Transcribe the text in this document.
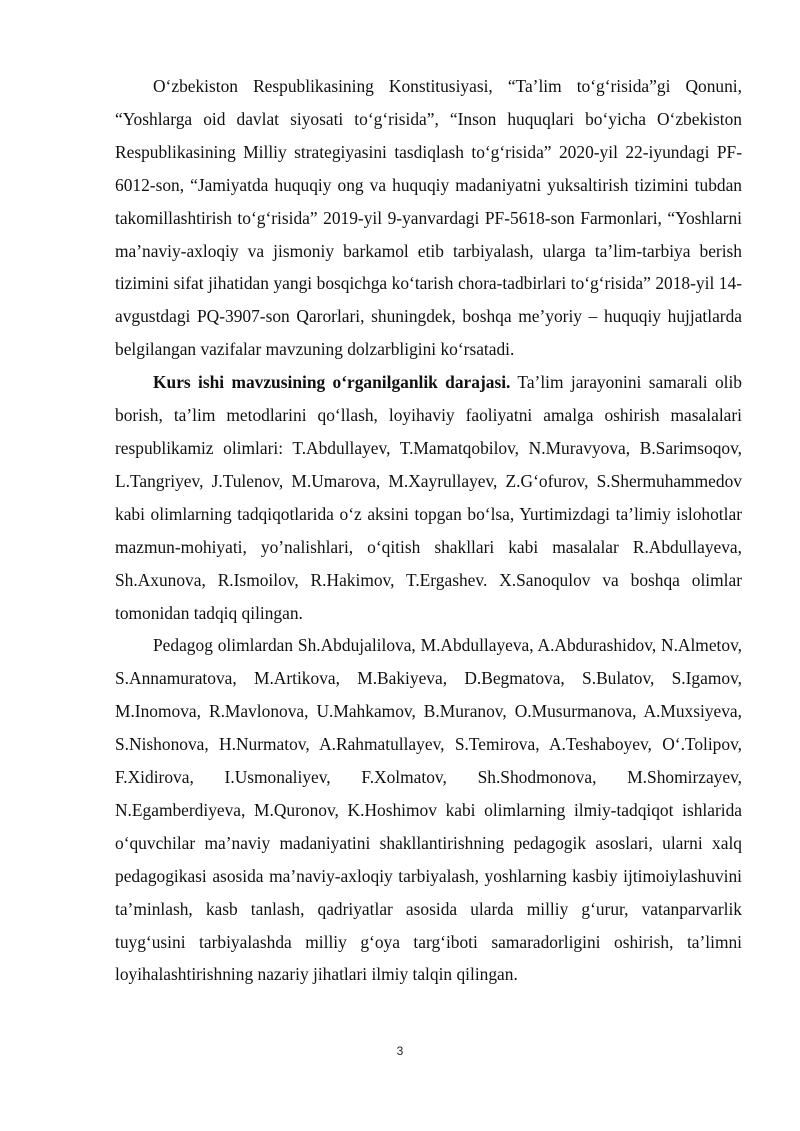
O‘zbekiston Respublikasining Konstitusiyasi, “Ta’lim to‘g‘risida”gi Qonuni, “Yoshlarga oid davlat siyosati to‘g‘risida”, “Inson huquqlari bo‘yicha O‘zbekiston Respublikasining Milliy strategiyasini tasdiqlash to‘g‘risida” 2020-yil 22-iyundagi PF-6012-son, “Jamiyatda huquqiy ong va huquqiy madaniyatni yuksaltirish tizimini tubdan takomillashtirish to‘g‘risida” 2019-yil 9-yanvardagi PF-5618-son Farmonlari, “Yoshlarni ma’naviy-axloqiy va jismoniy barkamol etib tarbiyalash, ularga ta’lim-tarbiya berish tizimini sifat jihatidan yangi bosqichga ko‘tarish chora-tadbirlari to‘g‘risida” 2018-yil 14-avgustdagi PQ-3907-son Qarorlari, shuningdek, boshqa me’yoriy – huquqiy hujjatlarda belgilangan vazifalar mavzuning dolzarbligini ko‘rsatadi.

Kurs ishi mavzusining o‘rganilganlik darajasi. Ta’lim jarayonini samarali olib borish, ta’lim metodlarini qo‘llash, loyihaviy faoliyatni amalga oshirish masalalari respublikamiz olimlari: T.Abdullayev, T.Mamatqobilov, N.Muravyova, B.Sarimsoqov, L.Tangriyev, J.Tulenov, M.Umarova, M.Xayrullayev, Z.G‘ofurov, S.Shermuhammedov kabi olimlarning tadqiqotlarida o‘z aksini topgan bo‘lsa, Yurtimizdagi ta’limiy islohotlar mazmun-mohiyati, yo’nalishlari, o‘qitish shakllari kabi masalalar R.Abdullayeva, Sh.Axunova, R.Ismoilov, R.Hakimov, T.Ergashev. X.Sanoqulov va boshqa olimlar tomonidan tadqiq qilingan.

Pedagog olimlardan Sh.Abdujalilova, M.Abdullayeva, A.Abdurashidov, N.Almetov, S.Annamuratova, M.Artikova, M.Bakiyeva, D.Begmatova, S.Bulatov, S.Igamov, M.Inomova, R.Mavlonova, U.Mahkamov, B.Muranov, O.Musurmanova, A.Muxsiyeva, S.Nishonova, H.Nurmatov, A.Rahmatullayev, S.Temirova, A.Teshaboyev, O‘.Tolipov, F.Xidirova, I.Usmonaliyev, F.Xolmatov, Sh.Shodmonova, M.Shomirzayev, N.Egamberdiyeva, M.Quronov, K.Hoshimov kabi olimlarning ilmiy-tadqiqot ishlarida o‘quvchilar ma’naviy madaniyatini shakllantirishning pedagogik asoslari, ularni xalq pedagogikasi asosida ma’naviy-axloqiy tarbiyalash, yoshlarning kasbiy ijtimoiylashuvini ta’minlash, kasb tanlash, qadriyatlar asosida ularda milliy g‘urur, vatanparvarlik tuyg‘usini tarbiyalashda milliy g‘oya targ‘iboti samaradorligini oshirish, ta’limni loyihalashtirishning nazariy jihatlari ilmiy talqin qilingan.

3
